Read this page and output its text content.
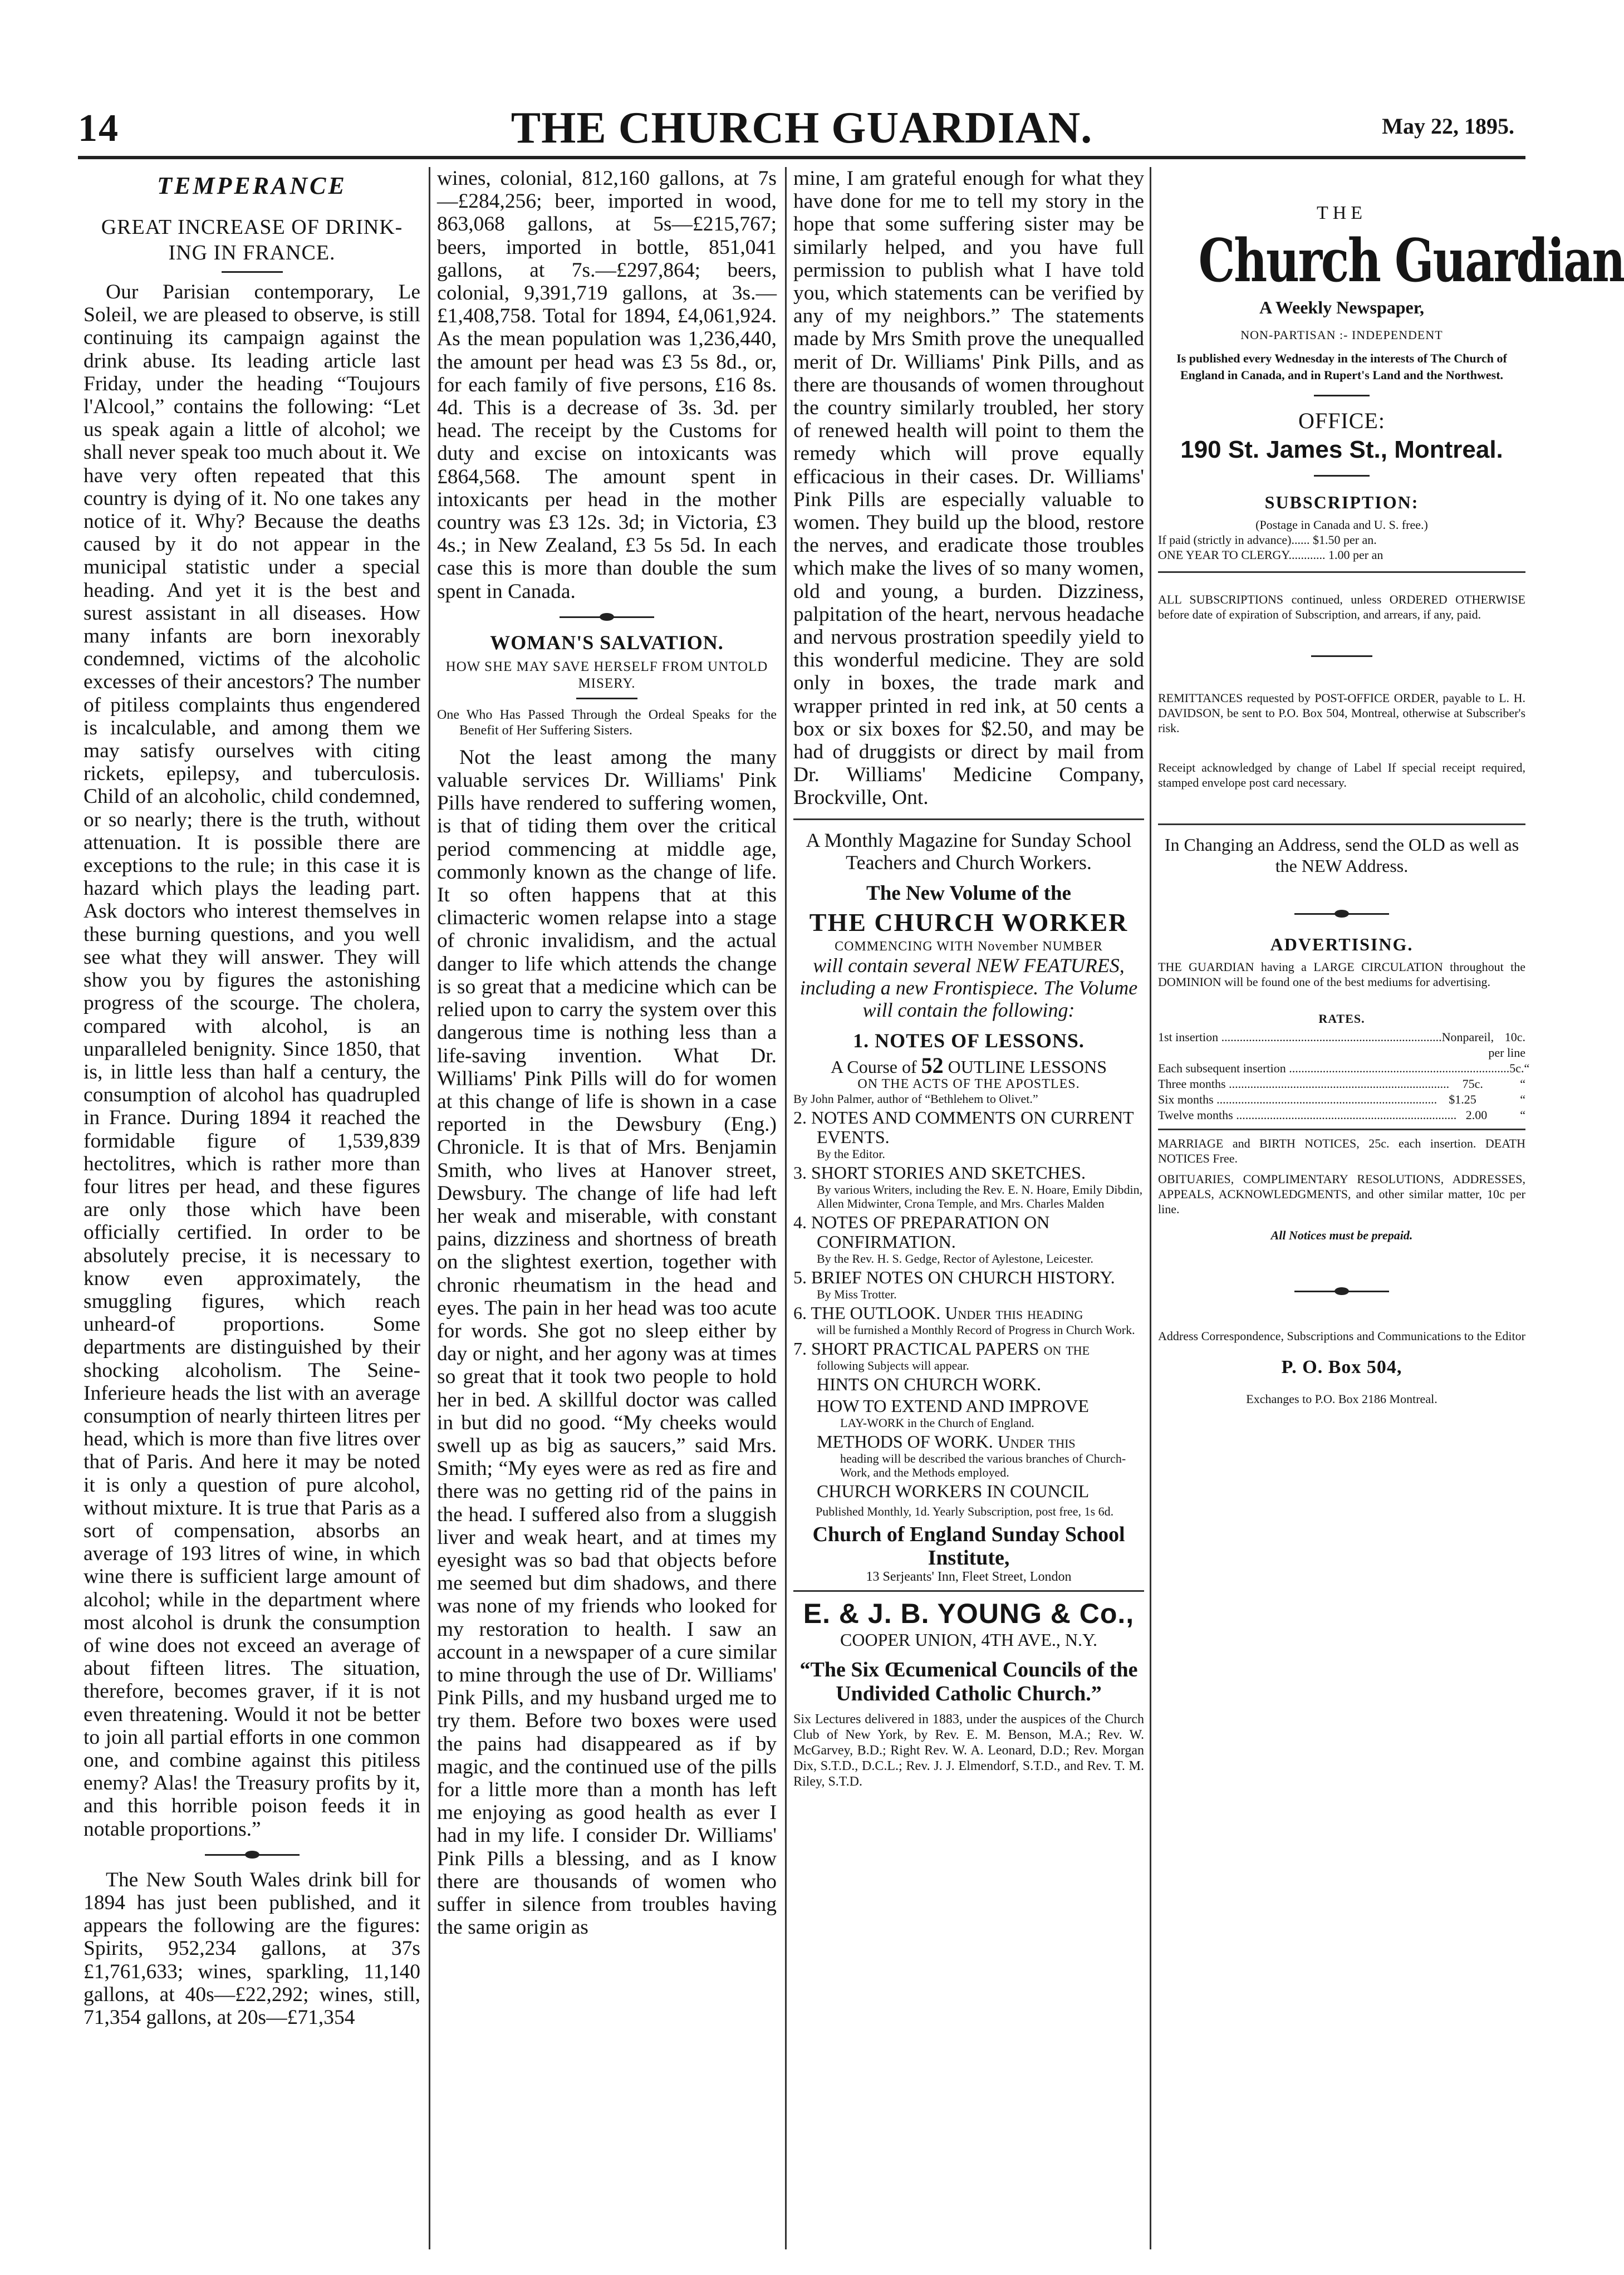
14	THE CHURCH GUARDIAN.	May 22, 1895.
TEMPERANCE
GREAT INCREASE OF DRINK-ING IN FRANCE.

Our Parisian contemporary, Le Soleil, we are pleased to observe, is still continuing its campaign against the drink abuse. Its leading article last Friday, under the heading “Toujours l'Alcool,” contains the following: “Let us speak again a little of alcohol; we shall never speak too much about it. We have very often repeated that this country is dying of it. No one takes any notice of it. Why? Because the deaths caused by it do not appear in the municipal statistic under a special heading. And yet it is the best and surest assistant in all diseases. How many infants are born inexorably condemned, victims of the alcoholic excesses of their ancestors? The number of pitiless complaints thus engendered is incalculable, and among them we may satisfy ourselves with citing rickets, epilepsy, and tuberculosis. Child of an alcoholic, child condemned, or so nearly; there is the truth, without attenuation. It is possible there are exceptions to the rule; in this case it is hazard which plays the leading part. Ask doctors who interest themselves in these burning questions, and you well see what they will answer. They will show you by figures the astonishing progress of the scourge. The cholera, compared with alcohol, is an unparalleled benignity. Since 1850, that is, in little less than half a century, the consumption of alcohol has quadrupled in France. During 1894 it reached the formidable figure of 1,539,839 hectolitres, which is rather more than four litres per head, and these figures are only those which have been officially certified. In order to be absolutely precise, it is necessary to know even approximately, the smuggling figures, which reach unheard-of proportions. Some departments are distinguished by their shocking alcoholism. The Seine-Inferieure heads the list with an average consumption of nearly thirteen litres per head, which is more than five litres over that of Paris. And here it may be noted it is only a question of pure alcohol, without mixture. It is true that Paris as a sort of compensation, absorbs an average of 193 litres of wine, in which wine there is sufficient large amount of alcohol; while in the department where most alcohol is drunk the consumption of wine does not exceed an average of about fifteen litres. The situation, therefore, becomes graver, if it is not even threatening. Would it not be better to join all partial efforts in one common one, and combine against this pitiless enemy? Alas! the Treasury profits by it, and this horrible poison feeds it in notable proportions.”

The New South Wales drink bill for 1894 has just been published, and it appears the following are the figures: Spirits, 952,234 gallons, at 37s £1,761,633; wines, sparkling, 11,140 gallons, at 40s—£22,292; wines, still, 71,354 gallons, at 20s—£71,354

wines, colonial, 812,160 gallons, at 7s—£284,256; beer, imported in wood, 863,068 gallons, at 5s—£215,767; beers, imported in bottle, 851,041 gallons, at 7s.—£297,864; beers, colonial, 9,391,719 gallons, at 3s.—£1,408,758. Total for 1894, £4,061,924. As the mean population was 1,236,440, the amount per head was £3 5s 8d., or, for each family of five persons, £16 8s. 4d. This is a decrease of 3s. 3d. per head. The receipt by the Customs for duty and excise on intoxicants was £864,568. The amount spent in intoxicants per head in the mother country was £3 12s. 3d; in Victoria, £3 4s.; in New Zealand, £3 5s 5d. In each case this is more than double the sum spent in Canada.

WOMAN'S SALVATION.
HOW SHE MAY SAVE HERSELF FROM UNTOLD MISERY.

One Who Has Passed Through the Ordeal Speaks for the Benefit of Her Suffering Sisters.

Not the least among the many valuable services Dr. Williams' Pink Pills have rendered to suffering women, is that of tiding them over the critical period commencing at middle age, commonly known as the change of life. It so often happens that at this climacteric women relapse into a stage of chronic invalidism, and the actual danger to life which attends the change is so great that a medicine which can be relied upon to carry the system over this dangerous time is nothing less than a life-saving invention. What Dr. Williams' Pink Pills will do for women at this change of life is shown in a case reported in the Dewsbury (Eng.) Chronicle. It is that of Mrs. Benjamin Smith, who lives at Hanover street, Dewsbury. The change of life had left her weak and miserable, with constant pains, dizziness and shortness of breath on the slightest exertion, together with chronic rheumatism in the head and eyes. The pain in her head was too acute for words. She got no sleep either by day or night, and her agony was at times so great that it took two people to hold her in bed. A skillful doctor was called in but did no good. “My cheeks would swell up as big as saucers,” said Mrs. Smith; “My eyes were as red as fire and there was no getting rid of the pains in the head. I suffered also from a sluggish liver and weak heart, and at times my eyesight was so bad that objects before me seemed but dim shadows, and there was none of my friends who looked for my restoration to health. I saw an account in a newspaper of a cure similar to mine through the use of Dr. Williams' Pink Pills, and my husband urged me to try them. Before two boxes were used the pains had disappeared as if by magic, and the continued use of the pills for a little more than a month has left me enjoying as good health as ever I had in my life. I consider Dr. Williams' Pink Pills a blessing, and as I know there are thousands of women who suffer in silence from troubles having the same origin as

mine, I am grateful enough for what they have done for me to tell my story in the hope that some suffering sister may be similarly helped, and you have full permission to publish what I have told you, which statements can be verified by any of my neighbors.” The statements made by Mrs Smith prove the unequalled merit of Dr. Williams' Pink Pills, and as there are thousands of women throughout the country similarly troubled, her story of renewed health will point to them the remedy which will prove equally efficacious in their cases. Dr. Williams' Pink Pills are especially valuable to women. They build up the blood, restore the nerves, and eradicate those troubles which make the lives of so many women, old and young, a burden. Dizziness, palpitation of the heart, nervous headache and nervous prostration speedily yield to this wonderful medicine. They are sold only in boxes, the trade mark and wrapper printed in red ink, at 50 cents a box or six boxes for $2.50, and may be had of druggists or direct by mail from Dr. Williams' Medicine Company, Brockville, Ont.

A Monthly Magazine for Sunday School Teachers and Church Workers.
The New Volume of the
THE CHURCH WORKER
COMMENCING WITH November NUMBER
will contain several NEW FEATURES, including a new Frontispiece. The Volume will contain the following:
1. NOTES OF LESSONS.
A Course of 52 OUTLINE LESSONS
ON THE ACTS OF THE APOSTLES.
By John Palmer, author of “Bethlehem to Olivet.”
2. NOTES AND COMMENTS ON CURRENT EVENTS.
By the Editor.
3. SHORT STORIES AND SKETCHES.
By various Writers, including the Rev. E. N. Hoare, Emily Dibdin, Allen Midwinter, Crona Temple, and Mrs. Charles Malden
4. NOTES OF PREPARATION ON CONFIRMATION.
By the Rev. H. S. Gedge, Rector of Aylestone, Leicester.
5. BRIEF NOTES ON CHURCH HISTORY.
By Miss Trotter.
6. THE OUTLOOK. Under this heading
will be furnished a Monthly Record of Progress in Church Work.
7. SHORT PRACTICAL PAPERS on the
following Subjects will appear.
HINTS ON CHURCH WORK.
HOW TO EXTEND AND IMPROVE
LAY-WORK in the Church of England.
METHODS OF WORK. Under this
heading will be described the various branches of Church-Work, and the Methods employed.
CHURCH WORKERS IN COUNCIL
Published Monthly, 1d. Yearly Subscription, post free, 1s 6d.
Church of England Sunday School Institute,
13 Serjeants' Inn, Fleet Street, London
E. & J. B. YOUNG & Co.,
COOPER UNION, 4TH AVE., N.Y.
“The Six Œcumenical Councils of the Undivided Catholic Church.”

Six Lectures delivered in 1883, under the auspices of the Church Club of New York, by Rev. E. M. Benson, M.A.; Rev. W. McGarvey, B.D.; Right Rev. W. A. Leonard, D.D.; Rev. Morgan Dix, S.T.D., D.C.L.; Rev. J. J. Elmendorf, S.T.D., and Rev. T. M. Riley, S.T.D.

THE
Church Guardian
A Weekly Newspaper,
NON-PARTISAN :- INDEPENDENT
Is published every Wednesday in the interests of The Church of England in Canada, and in Rupert's Land and the Northwest.
OFFICE:
190 St. James St., Montreal.
SUBSCRIPTION:
(Postage in Canada and U. S. free.)
If paid (strictly in advance)...... $1.50 per an.
ONE YEAR TO CLERGY............ 1.00 per an

ALL SUBSCRIPTIONS continued, unless ORDERED OTHERWISE before date of expiration of Subscription, and arrears, if any, paid.

REMITTANCES requested by POST-OFFICE ORDER, payable to L. H. DAVIDSON, be sent to P.O. Box 504, Montreal, otherwise at Subscriber's risk.

Receipt acknowledged by change of Label If special receipt required, stamped envelope post card necessary.

In Changing an Address, send the OLD as well as the NEW Address.
ADVERTISING.

THE GUARDIAN having a LARGE CIRCULATION throughout the DOMINION will be found one of the best mediums for advertising.

RATES.
1st insertion .....	Nonpareil, 10c. per line
Each subsequent insertion .....	5c. “
Three months .....	75c.	“
Six months .....	$1.25	“
Twelve months .....	2.00	“

MARRIAGE and BIRTH NOTICES, 25c. each insertion. DEATH NOTICES Free.

OBITUARIES, COMPLIMENTARY RESOLUTIONS, ADDRESSES, APPEALS, ACKNOWLEDGMENTS, and other similar matter, 10c per line.

All Notices must be prepaid.

Address Correspondence, Subscriptions and Communications to the Editor

P. O. Box 504,
Exchanges to P.O. Box 2186 Montreal.
